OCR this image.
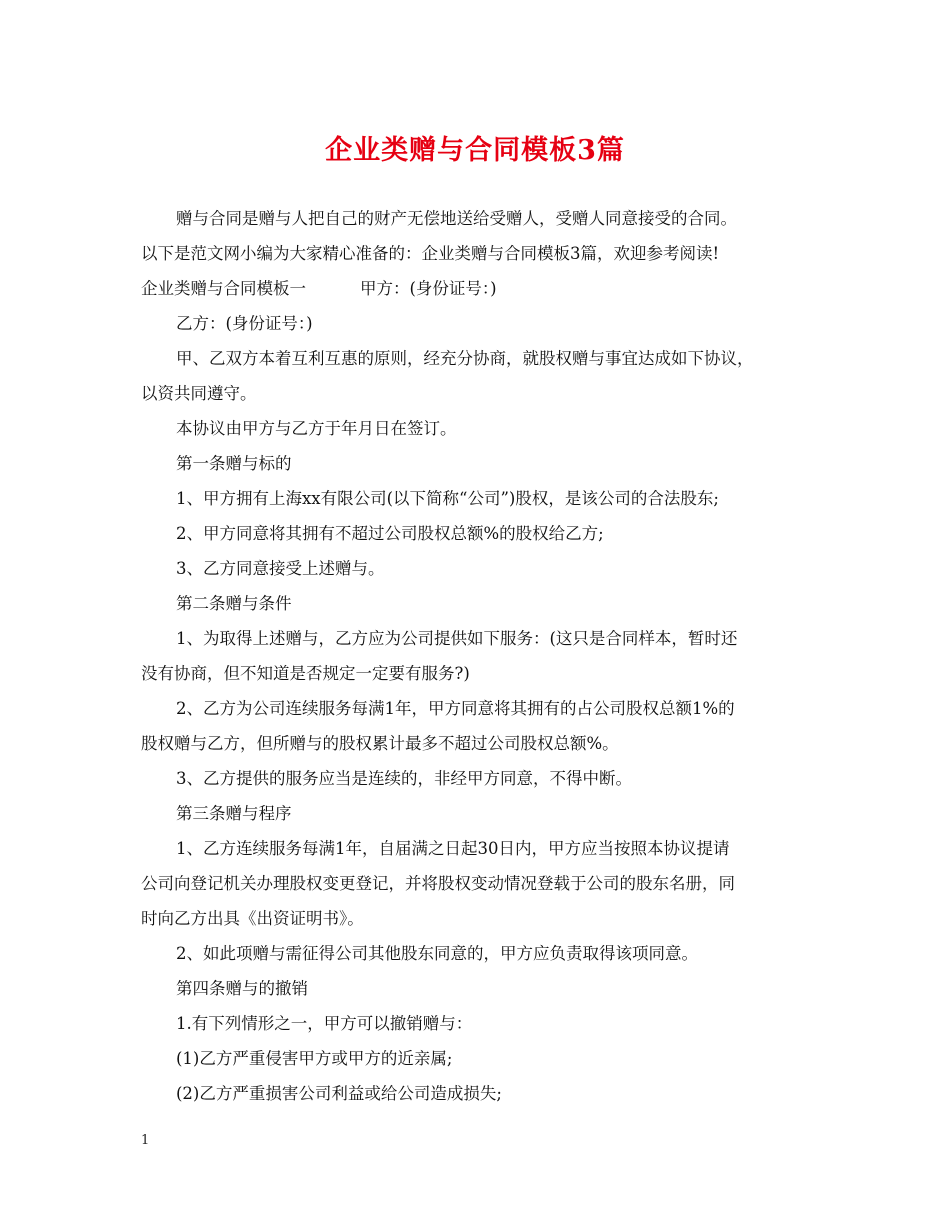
企业类赠与合同模板3篇

赠与合同是赠与人把自己的财产无偿地送给受赠人，受赠人同意接受的合同。

以下是范文网小编为大家精心准备的：企业类赠与合同模板3篇，欢迎参考阅读!

企业类赠与合同模板一	甲方：(身份证号：)

乙方：(身份证号：)

甲、乙双方本着互利互惠的原则，经充分协商，就股权赠与事宜达成如下协议，

以资共同遵守。

本协议由甲方与乙方于年月日在签订。

第一条赠与标的

1、甲方拥有上海xx有限公司(以下简称“公司”)股权，是该公司的合法股东;

2、甲方同意将其拥有不超过公司股权总额%的股权给乙方;

3、乙方同意接受上述赠与。

第二条赠与条件

1、为取得上述赠与，乙方应为公司提供如下服务：(这只是合同样本，暂时还

没有协商，但不知道是否规定一定要有服务?)

2、乙方为公司连续服务每满1年，甲方同意将其拥有的占公司股权总额1%的

股权赠与乙方，但所赠与的股权累计最多不超过公司股权总额%。

3、乙方提供的服务应当是连续的，非经甲方同意，不得中断。

第三条赠与程序

1、乙方连续服务每满1年，自届满之日起30日内，甲方应当按照本协议提请

公司向登记机关办理股权变更登记，并将股权变动情况登载于公司的股东名册，同

时向乙方出具《出资证明书》。

2、如此项赠与需征得公司其他股东同意的，甲方应负责取得该项同意。

第四条赠与的撤销

1.有下列情形之一，甲方可以撤销赠与：

(1)乙方严重侵害甲方或甲方的近亲属;

(2)乙方严重损害公司利益或给公司造成损失;

1
